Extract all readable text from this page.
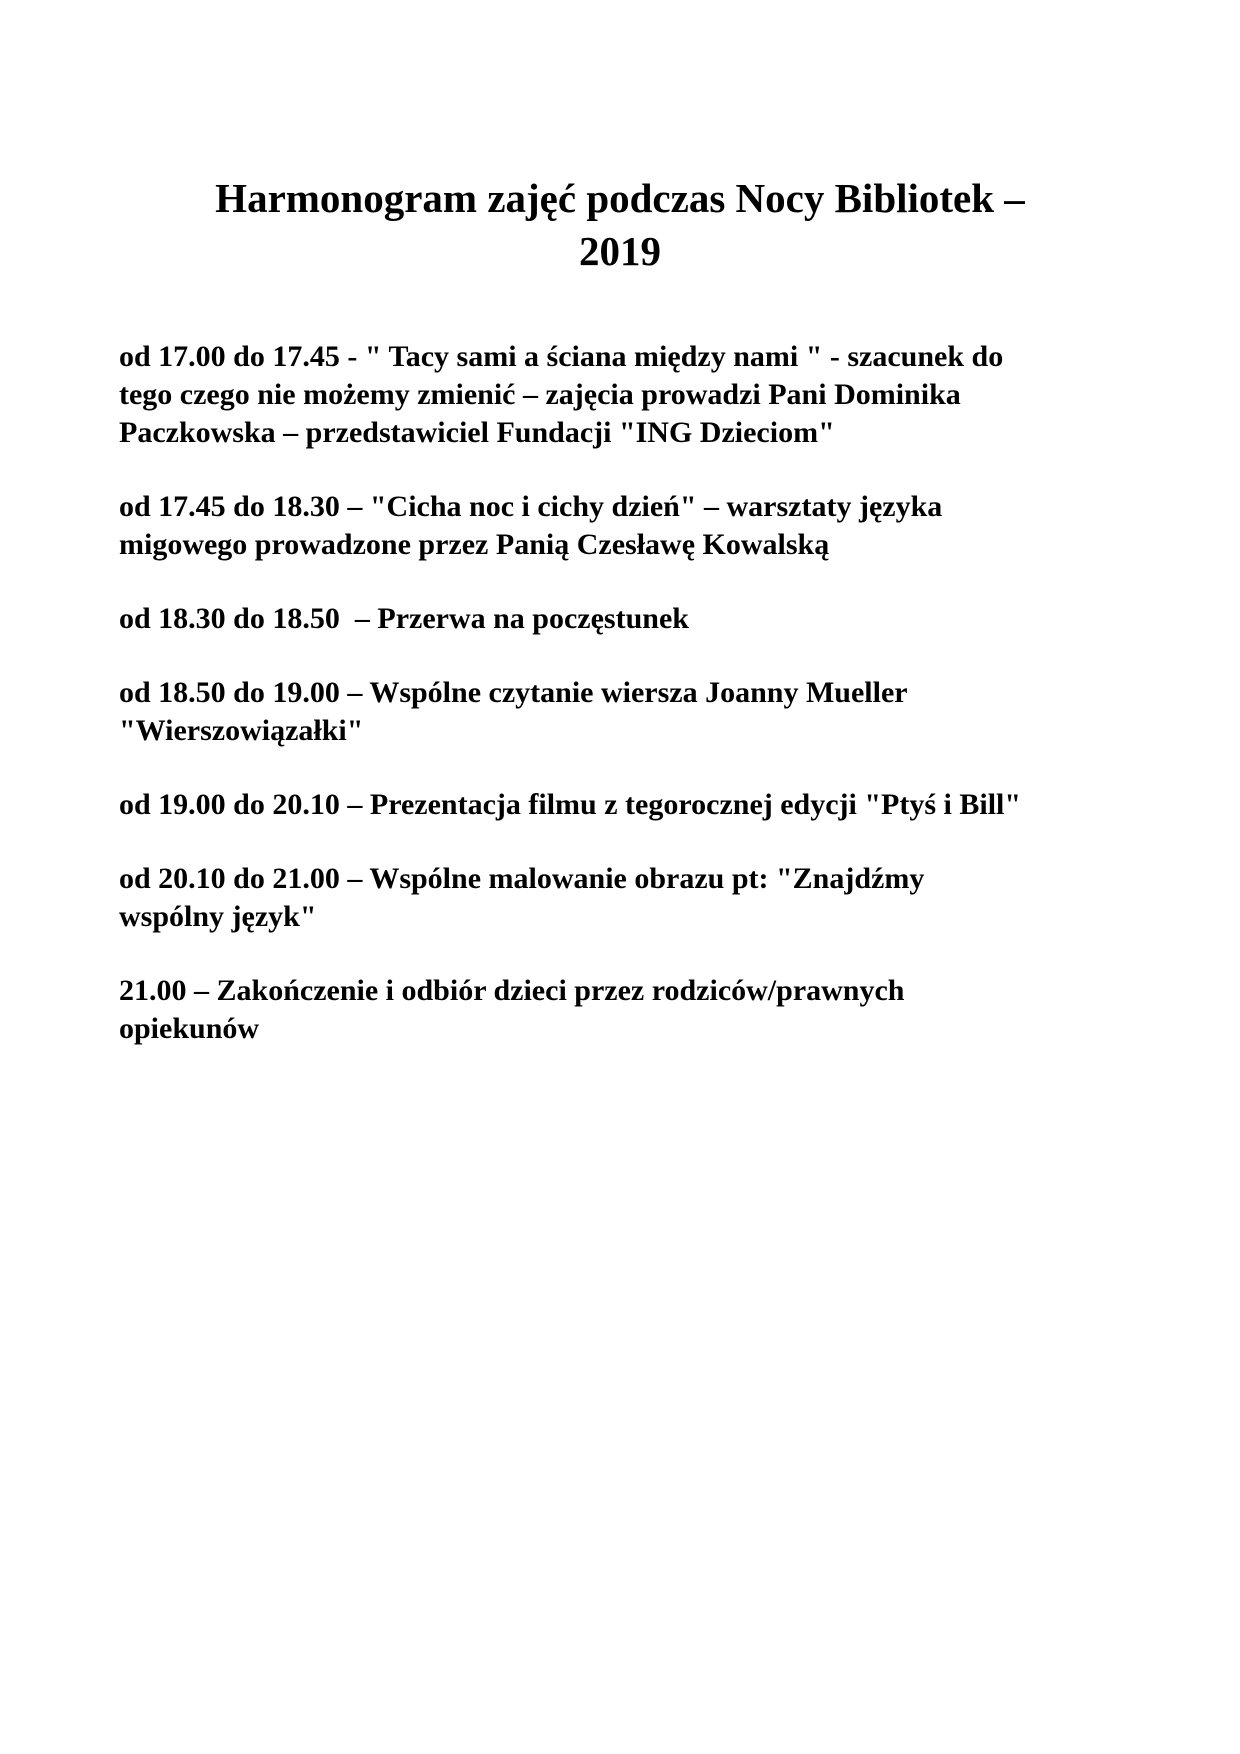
Harmonogram zajęć podczas Nocy Bibliotek –
2019

od 17.00 do 17.45 - " Tacy sami a ściana między nami " - szacunek do
tego czego nie możemy zmienić – zajęcia prowadzi Pani Dominika
Paczkowska – przedstawiciel Fundacji "ING Dzieciom"

od 17.45 do 18.30 – "Cicha noc i cichy dzień" – warsztaty języka
migowego prowadzone przez Panią Czesławę Kowalską

od 18.30 do 18.50  – Przerwa na poczęstunek

od 18.50 do 19.00 – Wspólne czytanie wiersza Joanny Mueller
"Wierszowiązałki"

od 19.00 do 20.10 – Prezentacja filmu z tegorocznej edycji "Ptyś i Bill"

od 20.10 do 21.00 – Wspólne malowanie obrazu pt: "Znajdźmy
wspólny język"

21.00 – Zakończenie i odbiór dzieci przez rodziców/prawnych
opiekunów
